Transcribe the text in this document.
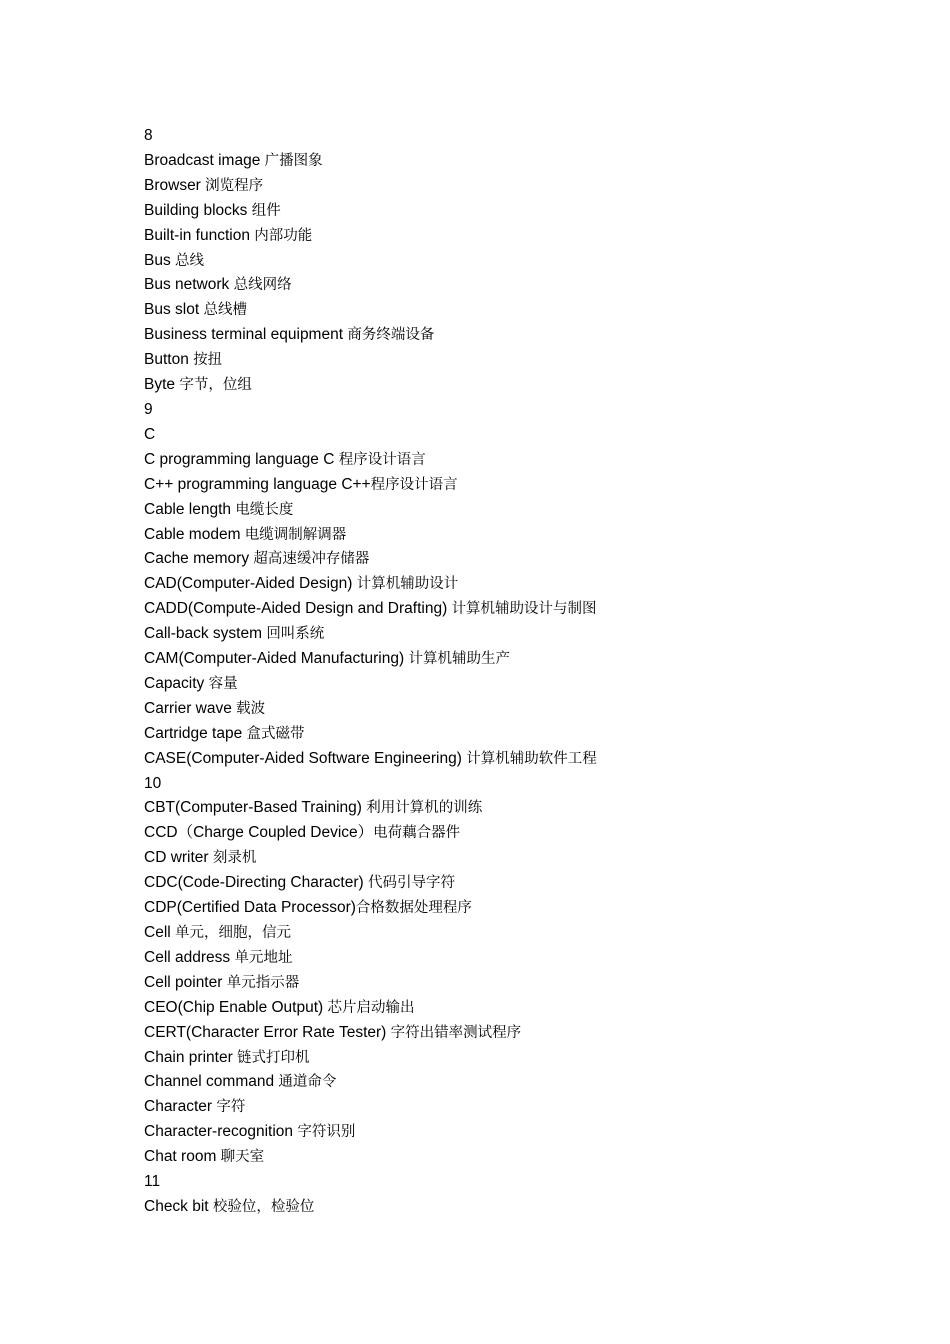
8
Broadcast image 广播图象
Browser 浏览程序
Building blocks 组件
Built-in function 内部功能
Bus 总线
Bus network 总线网络
Bus slot 总线槽
Business terminal equipment 商务终端设备
Button 按扭
Byte 字节，位组
9
C
C programming language C 程序设计语言
C++ programming language C++程序设计语言
Cable length 电缆长度
Cable modem 电缆调制解调器
Cache memory 超高速缓冲存储器
CAD(Computer-Aided Design) 计算机辅助设计
CADD(Compute-Aided Design and Drafting) 计算机辅助设计与制图
Call-back system 回叫系统
CAM(Computer-Aided Manufacturing) 计算机辅助生产
Capacity 容量
Carrier wave 载波
Cartridge tape 盒式磁带
CASE(Computer-Aided Software Engineering) 计算机辅助软件工程
10
CBT(Computer-Based Training) 利用计算机的训练
CCD（Charge Coupled Device）电荷藕合器件
CD writer 刻录机
CDC(Code-Directing Character) 代码引导字符
CDP(Certified Data Processor)合格数据处理程序
Cell 单元，细胞，信元
Cell address 单元地址
Cell pointer 单元指示器
CEO(Chip Enable Output) 芯片启动输出
CERT(Character Error Rate Tester) 字符出错率测试程序
Chain printer 链式打印机
Channel command 通道命令
Character 字符
Character-recognition 字符识别
Chat room 聊天室
11
Check bit 校验位，检验位
